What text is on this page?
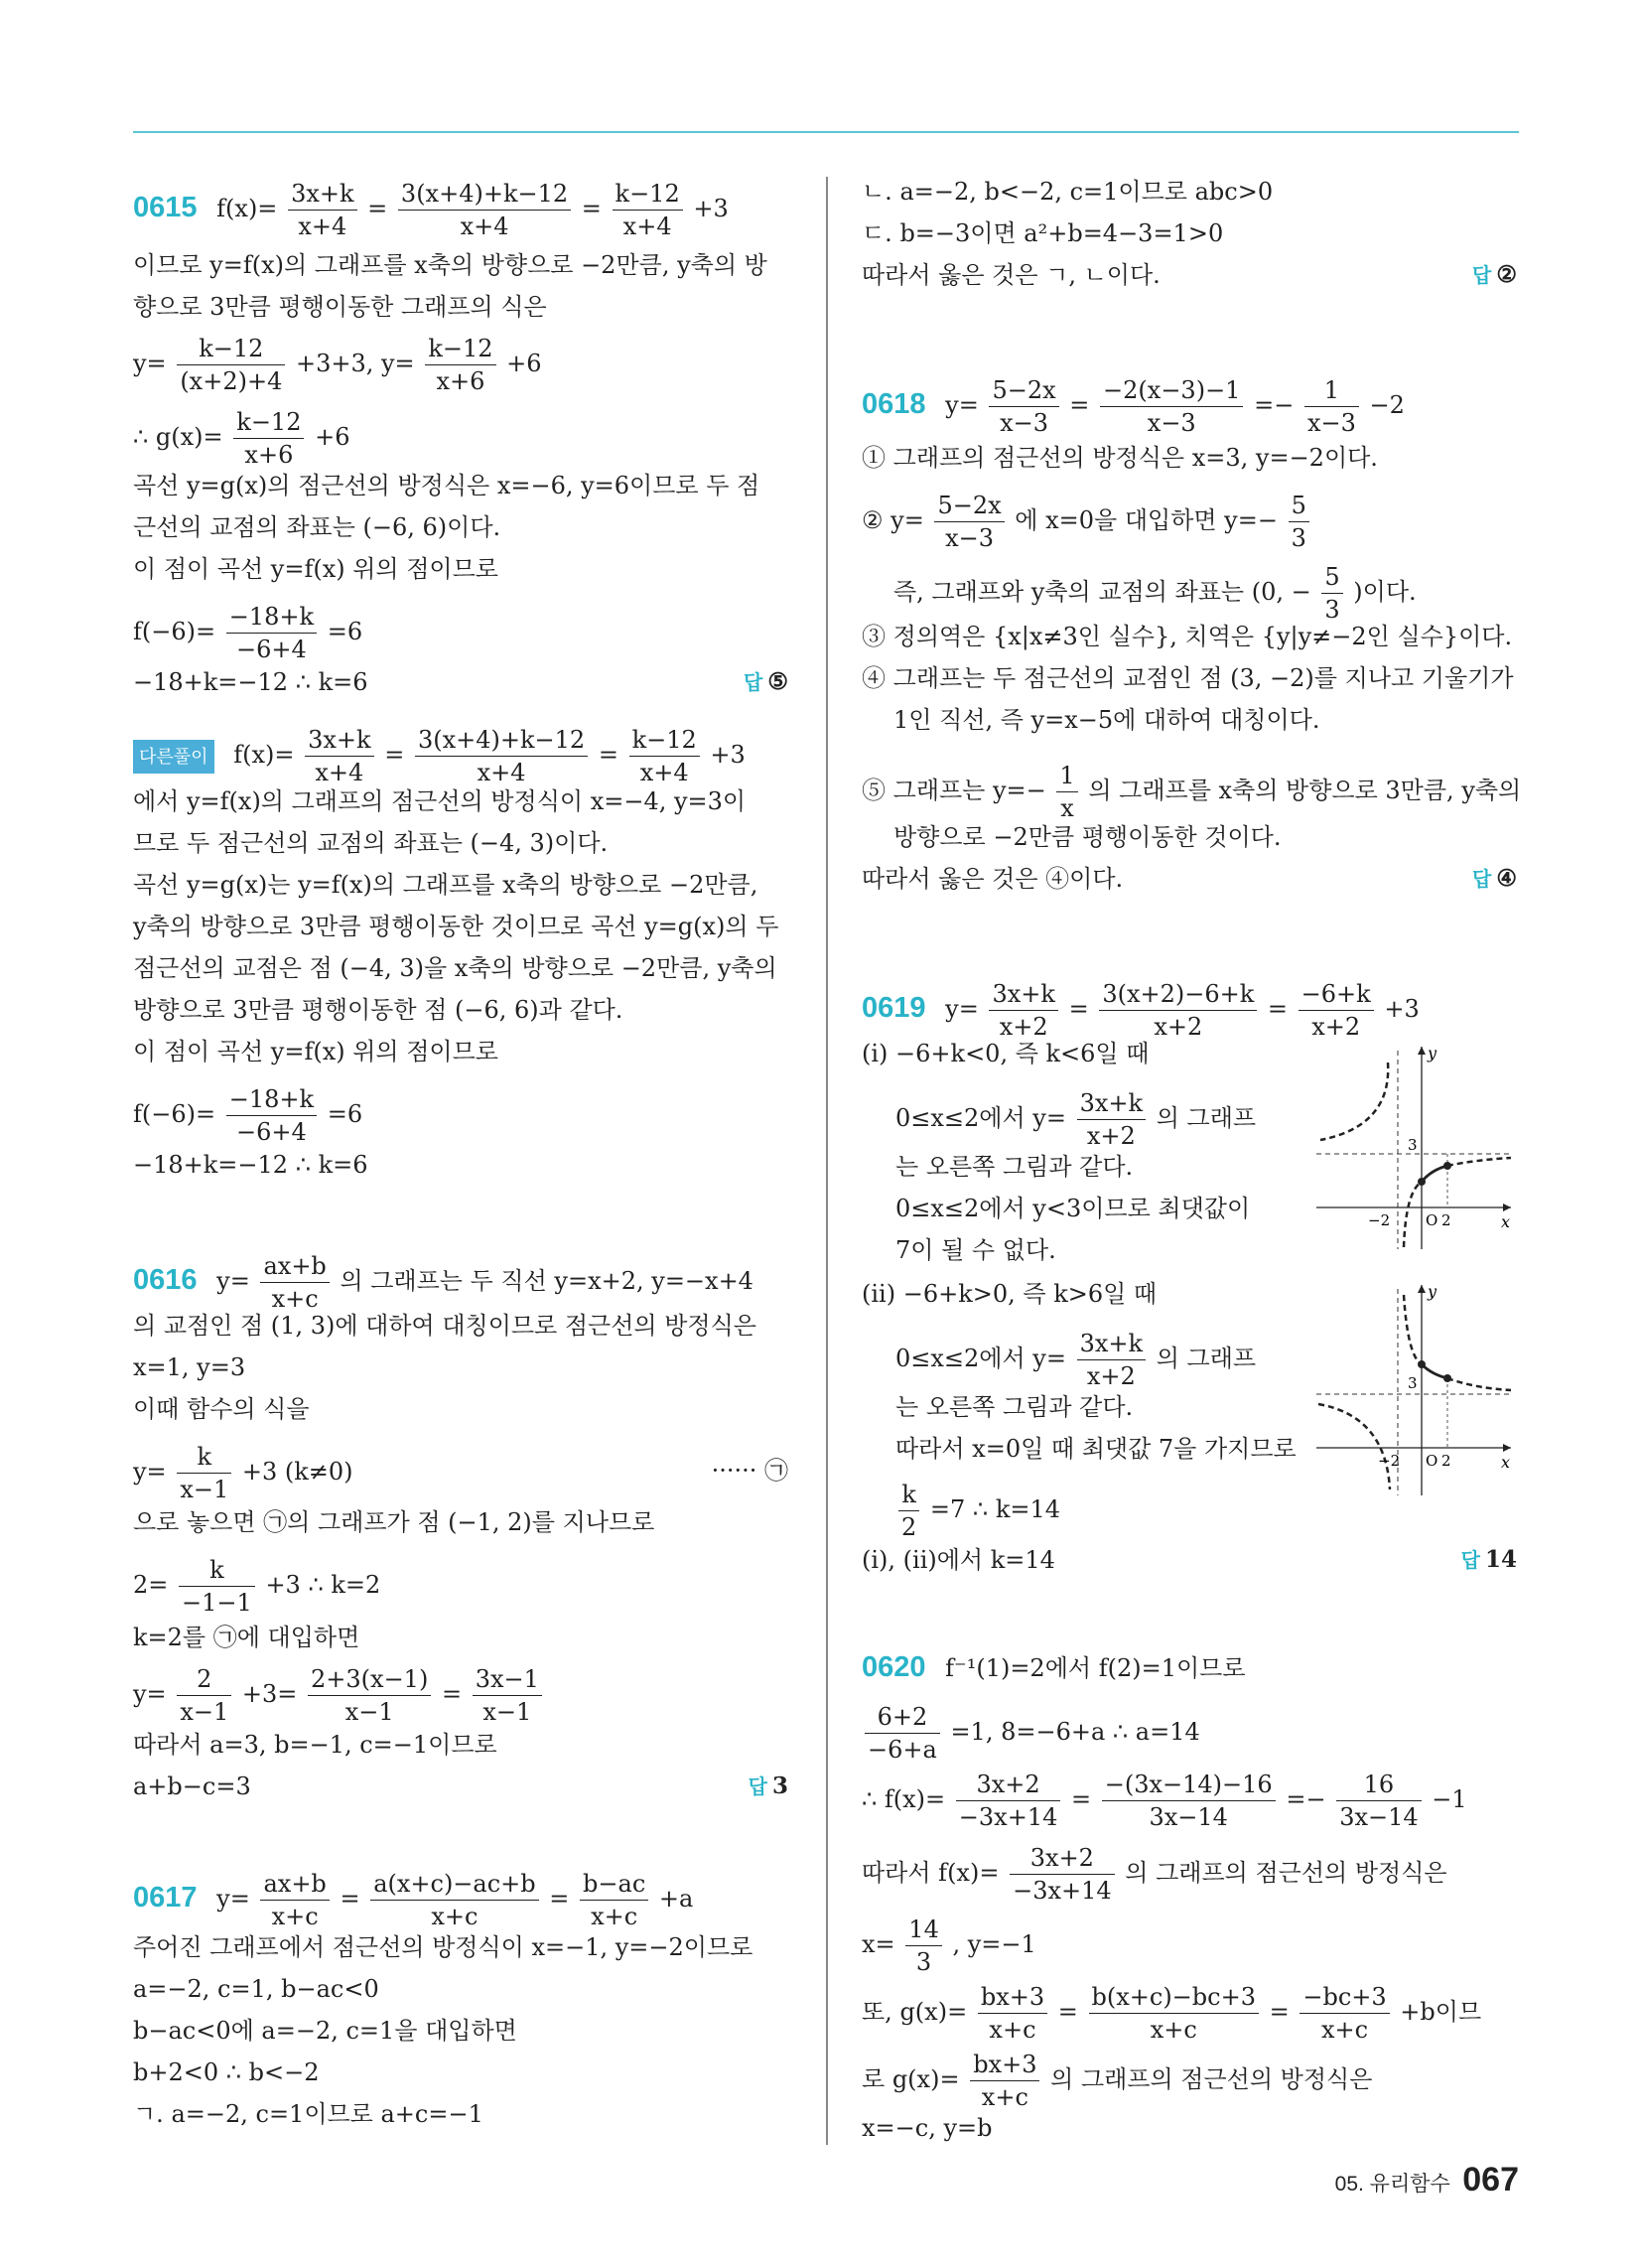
0615 $f(x)= \frac{3x+k}{x+4} = \frac{3(x+4)+k-12}{x+4} = \frac{k-12}{x+4} +3$
이므로 y=f(x)의 그래프를 x축의 방향으로 −2만큼, y축의 방
향으로 3만큼 평행이동한 그래프의 식은
$y= \frac{k-12}{(x+2)+4} +3+3$, $y= \frac{k-12}{x+6} +6$
∴ $g(x)= \frac{k-12}{x+6} +6$
곡선 y=g(x)의 점근선의 방정식은 x=−6, y=6이므로 두 점
근선의 교점의 좌표는 (−6, 6)이다.
이 점이 곡선 y=f(x) 위의 점이므로
$f(-6)= \frac{-18+k}{-6+4} =6$
−18+k=−12 ∴ k=6	답 ⑤
다른풀이 $f(x)= \frac{3x+k}{x+4} = \frac{3(x+4)+k-12}{x+4} = \frac{k-12}{x+4} +3$
에서 y=f(x)의 그래프의 점근선의 방정식이 x=−4, y=3이
므로 두 점근선의 교점의 좌표는 (−4, 3)이다.
곡선 y=g(x)는 y=f(x)의 그래프를 x축의 방향으로 −2만큼,
y축의 방향으로 3만큼 평행이동한 것이므로 곡선 y=g(x)의 두
점근선의 교점은 점 (−4, 3)을 x축의 방향으로 −2만큼, y축의
방향으로 3만큼 평행이동한 점 (−6, 6)과 같다.
이 점이 곡선 y=f(x) 위의 점이므로
$f(-6)= \frac{-18+k}{-6+4} =6$
−18+k=−12 ∴ k=6
0616 $y= \frac{ax+b}{x+c}$ 의 그래프는 두 직선 y=x+2, y=−x+4
의 교점인 점 (1, 3)에 대하여 대칭이므로 점근선의 방정식은
x=1, y=3
이때 함수의 식을
$y= \frac{k}{x-1} +3$ (k≠0)	······ ㉠
으로 놓으면 ㉠의 그래프가 점 (−1, 2)를 지나므로
$2= \frac{k}{-1-1} +3$ ∴ k=2
k=2를 ㉠에 대입하면
$y= \frac{2}{x-1} +3= \frac{2+3(x-1)}{x-1} = \frac{3x-1}{x-1}$
따라서 a=3, b=−1, c=−1이므로
a+b−c=3	답 3
0617 $y= \frac{ax+b}{x+c} = \frac{a(x+c)-ac+b}{x+c} = \frac{b-ac}{x+c} +a$
주어진 그래프에서 점근선의 방정식이 x=−1, y=−2이므로
a=−2, c=1, b−ac<0
b−ac<0에 a=−2, c=1을 대입하면
b+2<0 ∴ b<−2
ㄱ. a=−2, c=1이므로 a+c=−1
ㄴ. a=−2, b<−2, c=1이므로 abc>0
ㄷ. b=−3이면 a²+b=4−3=1>0
따라서 옳은 것은 ㄱ, ㄴ이다.	답 ②
0618 $y= \frac{5-2x}{x-3} = \frac{-2(x-3)-1}{x-3} =- \frac{1}{x-3} -2$
① 그래프의 점근선의 방정식은 x=3, y=−2이다.
② $y= \frac{5-2x}{x-3}$ 에 x=0을 대입하면 $y=- \frac{5}{3}$
즉, 그래프와 y축의 교점의 좌표는 (0, − $\frac{5}{3}$ )이다.
③ 정의역은 {x|x≠3인 실수}, 치역은 {y|y≠−2인 실수}이다.
④ 그래프는 두 점근선의 교점인 점 (3, −2)를 지나고 기울기가
1인 직선, 즉 y=x−5에 대하여 대칭이다.
⑤ 그래프는 $y=- \frac{1}{x}$ 의 그래프를 x축의 방향으로 3만큼, y축의
방향으로 −2만큼 평행이동한 것이다.
따라서 옳은 것은 ④이다.	답 ④
0619 $y= \frac{3x+k}{x+2} = \frac{3(x+2)-6+k}{x+2} = \frac{-6+k}{x+2} +3$
(i) −6+k<0, 즉 k<6일 때
0≤x≤2에서 $y= \frac{3x+k}{x+2}$ 의 그래프
는 오른쪽 그림과 같다.
0≤x≤2에서 y<3이므로 최댓값이
7이 될 수 없다.
(ii) −6+k>0, 즉 k>6일 때
0≤x≤2에서 $y= \frac{3x+k}{x+2}$ 의 그래프
는 오른쪽 그림과 같다.
따라서 x=0일 때 최댓값 7을 가지므로
$\frac{k}{2} =7$ ∴ k=14
(i), (ii)에서 k=14	답 14
y
x
3
−2 O 2
y
x
3
−2 O 2
0620 f⁻¹(1)=2에서 f(2)=1이므로
$\frac{6+2}{-6+a} =1$, 8=−6+a ∴ a=14
∴ $f(x)= \frac{3x+2}{-3x+14} = \frac{-(3x-14)-16}{3x-14} =- \frac{16}{3x-14} -1$
따라서 $f(x)= \frac{3x+2}{-3x+14}$ 의 그래프의 점근선의 방정식은
$x= \frac{14}{3}$ , y=−1
또, $g(x)= \frac{bx+3}{x+c} = \frac{b(x+c)-bc+3}{x+c} = \frac{-bc+3}{x+c} +b$이므
로 $g(x)= \frac{bx+3}{x+c}$ 의 그래프의 점근선의 방정식은
x=−c, y=b
05. 유리함수 067
